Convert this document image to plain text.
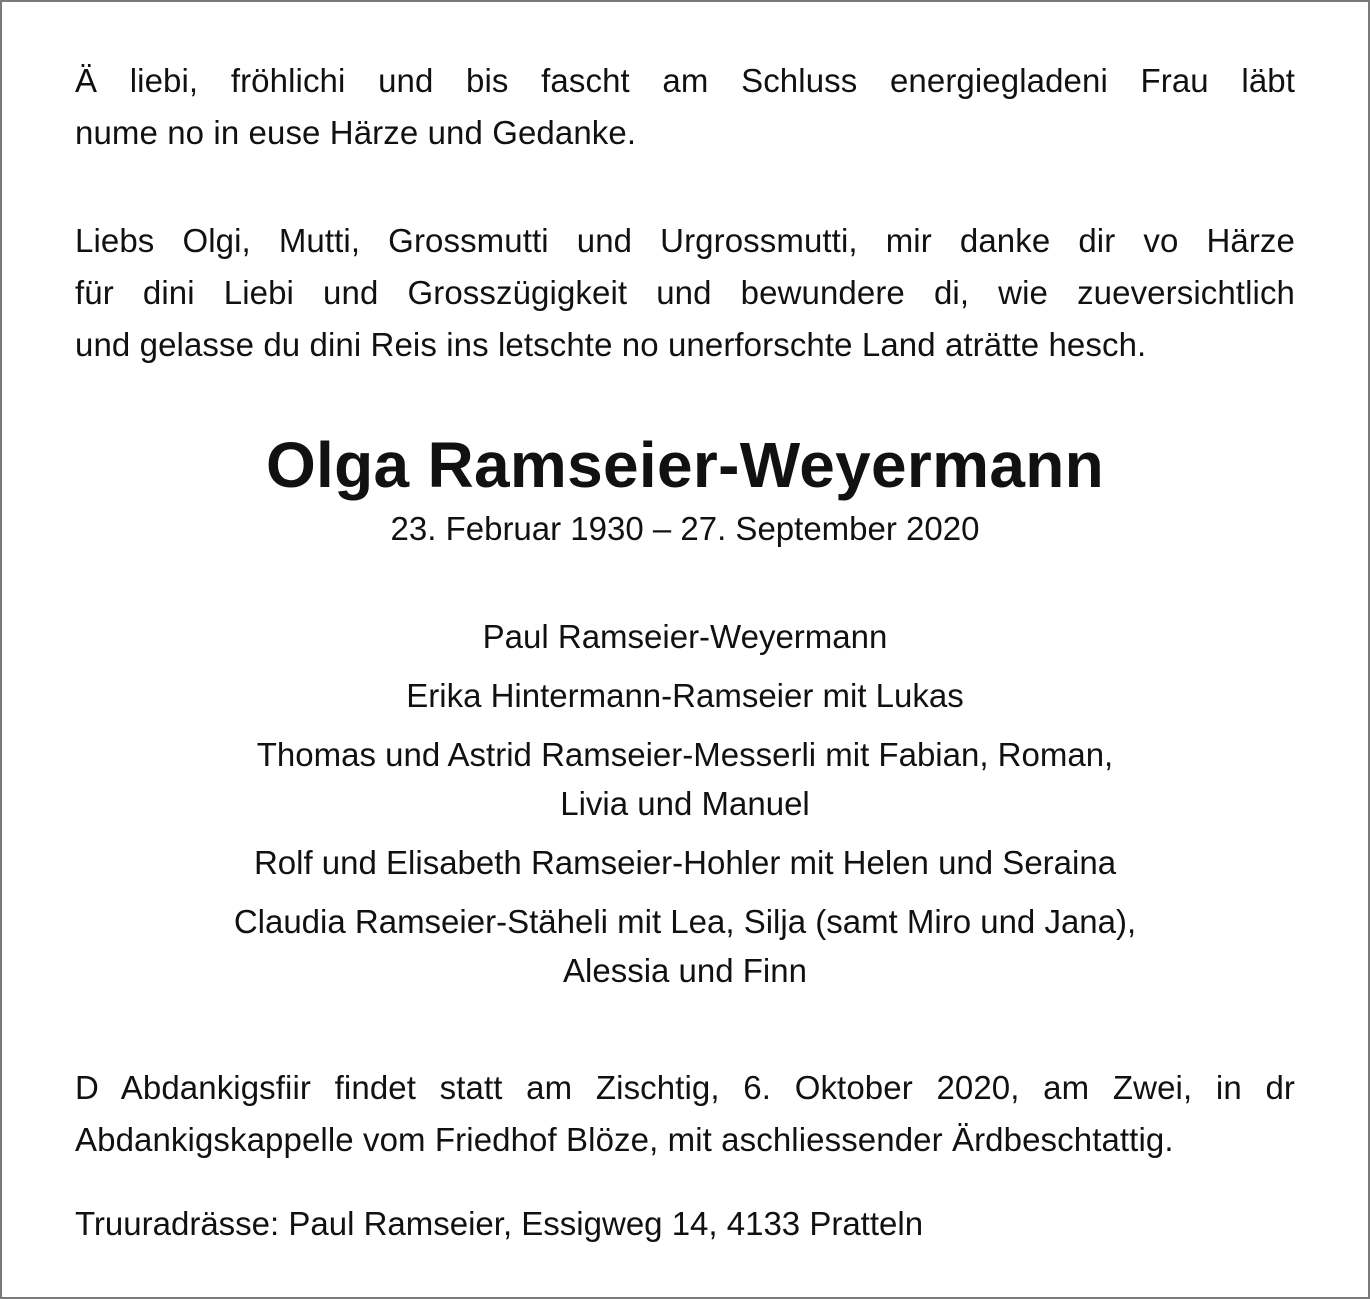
Ä liebi, fröhlichi und bis fascht am Schluss energiegladeni Frau läbt
nume no in euse Härze und Gedanke.

Liebs Olgi, Mutti, Grossmutti und Urgrossmutti, mir danke dir vo Härze
für dini Liebi und Grosszügigkeit und bewundere di, wie zueversichtlich
und gelasse du dini Reis ins letschte no unerforschte Land aträtte hesch.

Olga Ramseier-Weyermann
23. Februar 1930 – 27. September 2020
Paul Ramseier-Weyermann
Erika Hintermann-Ramseier mit Lukas
Thomas und Astrid Ramseier-Messerli mit Fabian, Roman,
Livia und Manuel
Rolf und Elisabeth Ramseier-Hohler mit Helen und Seraina
Claudia Ramseier-Stäheli mit Lea, Silja (samt Miro und Jana),
Alessia und Finn

D Abdankigsfiir findet statt am Zischtig, 6. Oktober 2020, am Zwei, in dr
Abdankigskappelle vom Friedhof Blöze, mit aschliessender Ärdbeschtattig.

Truuradrässe: Paul Ramseier, Essigweg 14, 4133 Pratteln
